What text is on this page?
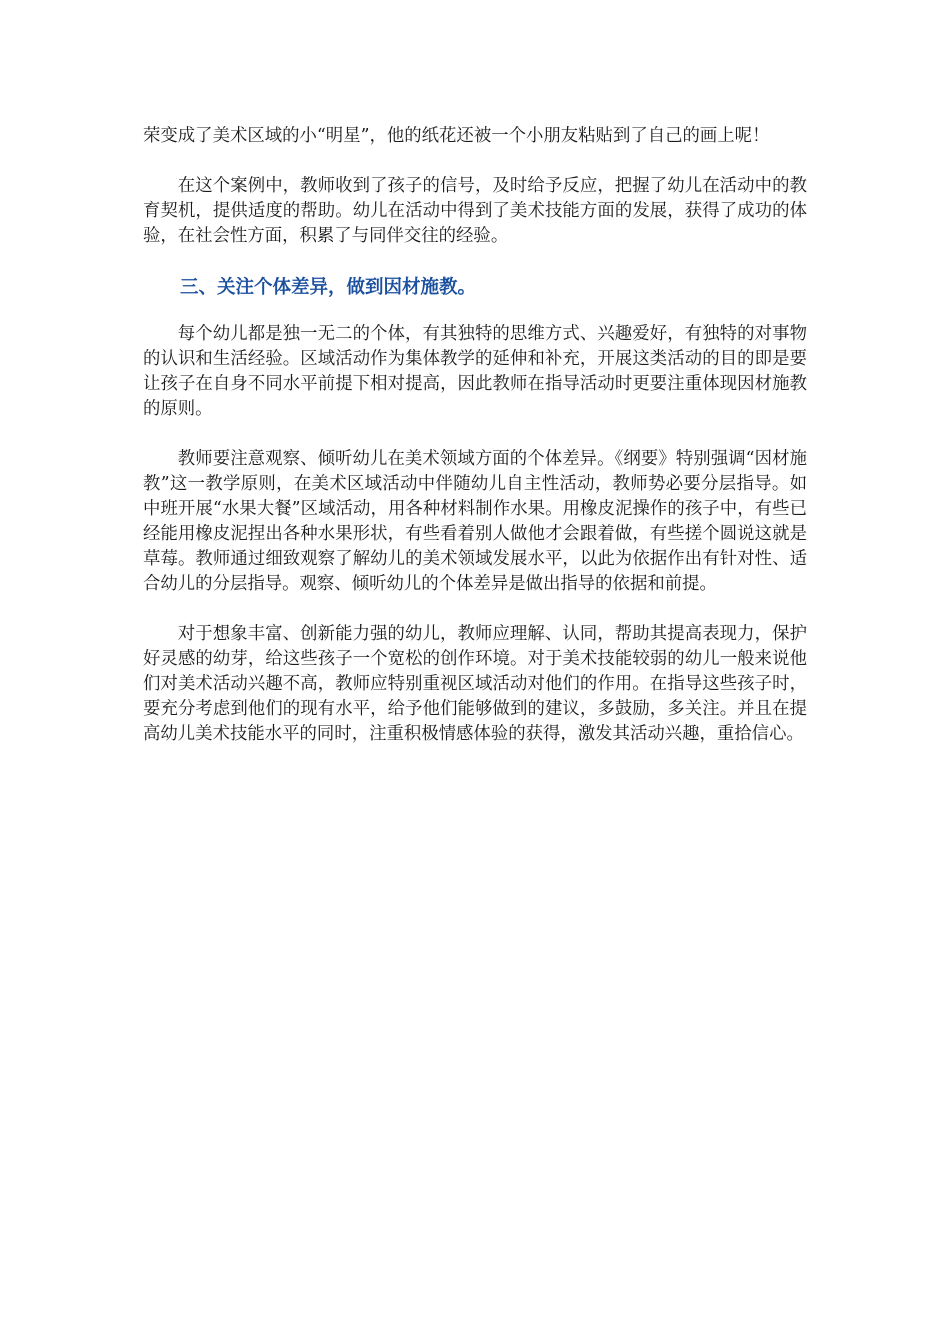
荣变成了美术区域的小“明星”，他的纸花还被一个小朋友粘贴到了自己的画上呢！

在这个案例中，教师收到了孩子的信号，及时给予反应，把握了幼儿在活动中的教育契机，提供适度的帮助。幼儿在活动中得到了美术技能方面的发展，获得了成功的体验，在社会性方面，积累了与同伴交往的经验。

三、关注个体差异，做到因材施教。

每个幼儿都是独一无二的个体，有其独特的思维方式、兴趣爱好，有独特的对事物的认识和生活经验。区域活动作为集体教学的延伸和补充，开展这类活动的目的即是要让孩子在自身不同水平前提下相对提高，因此教师在指导活动时更要注重体现因材施教的原则。

教师要注意观察、倾听幼儿在美术领域方面的个体差异。《纲要》特别强调“因材施教”这一教学原则，在美术区域活动中伴随幼儿自主性活动，教师势必要分层指导。如中班开展“水果大餐”区域活动，用各种材料制作水果。用橡皮泥操作的孩子中，有些已经能用橡皮泥捏出各种水果形状，有些看着别人做他才会跟着做，有些搓个圆说这就是草莓。教师通过细致观察了解幼儿的美术领域发展水平，以此为依据作出有针对性、适合幼儿的分层指导。观察、倾听幼儿的个体差异是做出指导的依据和前提。

对于想象丰富、创新能力强的幼儿，教师应理解、认同，帮助其提高表现力，保护好灵感的幼芽，给这些孩子一个宽松的创作环境。对于美术技能较弱的幼儿一般来说他们对美术活动兴趣不高，教师应特别重视区域活动对他们的作用。在指导这些孩子时，要充分考虑到他们的现有水平，给予他们能够做到的建议，多鼓励，多关注。并且在提高幼儿美术技能水平的同时，注重积极情感体验的获得，激发其活动兴趣，重拾信心。
